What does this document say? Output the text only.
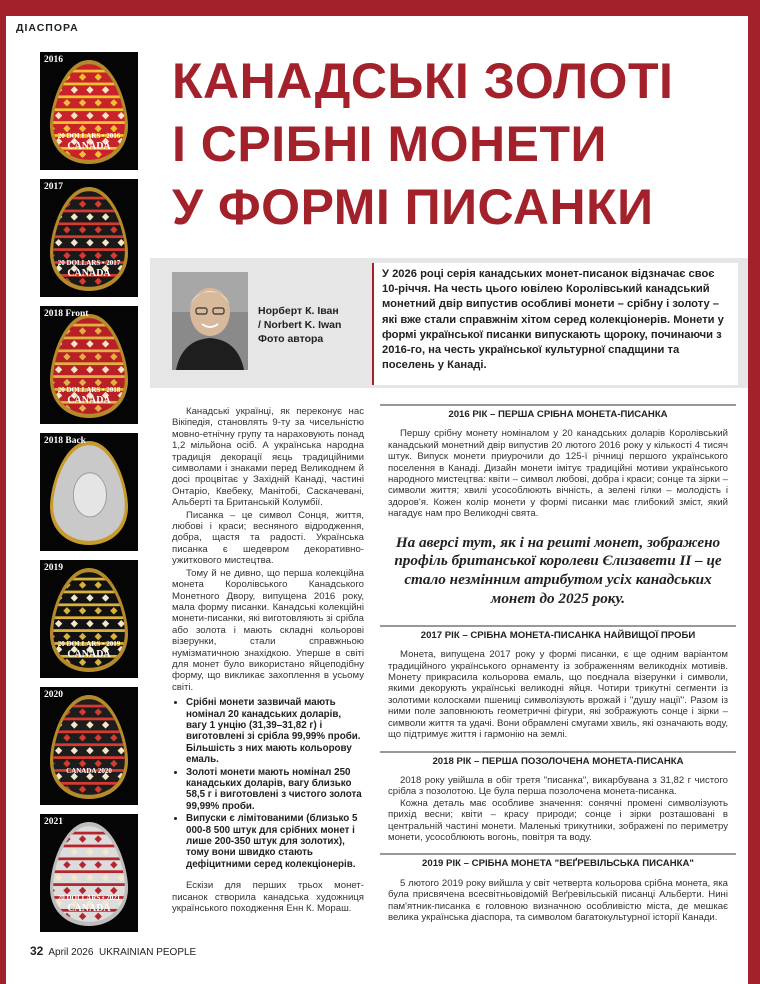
ДІАСПОРА
КАНАДСЬКІ ЗОЛОТІ
І СРІБНІ МОНЕТИ
У ФОРМІ ПИСАНКИ
2016
20 DOLLARS • 2016
CANADA
2017
20 DOLLARS • 2017
CANADA
2018 Front
20 DOLLARS • 2018
CANADA
2018 Back
2019
20 DOLLARS • 2019
CANADA
2020
CANADA 2020
2021
20 DOLLARS • 2021
CANADA
Норберт К. Іван
/ Norbert K. Iwan
Фото автора
У 2026 році серія канадських монет-писанок відзначає своє 10-річчя. На честь цього ювілею Королівський канадський монетний двір випустив особливі монети – срібну і золоту – які вже стали справжнім хітом серед колекціонерів. Монети у формі української писанки випускають щороку, починаючи з 2016-го, на честь української культурної спадщини та поселень у Канаді.

Канадські українці, як переконує нас Вікіпедія, становлять 9-ту за чисельністю мовно-етнічну групу та нараховують понад 1,2 мільйона осіб. А українська народна традиція декорації яєць традиційними символами і знаками перед Великоднем й досі процвітає у Західній Канаді, частині Онтаріо, Квебеку, Манітобі, Саскачевані, Альберті та Британській Колумбії.

Писанка – це символ Сонця, життя, любові і краси; весняного відродження, добра, щастя та радості. Українська писанка є шедевром декоративно-ужиткового мистецтва.

Тому й не дивно, що перша колекційна монета Королівського Канадського Монетного Двору, випущена 2016 року, мала форму писанки. Канадські колекційні монети-писанки, які виготовляють зі срібла або золота і мають складні кольорові візерунки, стали справжньою нумізматичною знахідкою. Уперше в світі для монет було використано яйцеподібну форму, що викликає захоплення в усьому світі.

• Срібні монети зазвичай мають номінал 20 канадських доларів, вагу 1 унцію (31,39–31,82 г) і виготовлені зі срібла 99,99% проби. Більшість з них мають кольорову емаль.
• Золоті монети мають номінал 250 канадських доларів, вагу близько 58,5 г і виготовлені з чистого золота 99,99% проби.
• Випуски є лімітованими (близько 5 000-8 500 штук для срібних монет і лише 200-350 штук для золотих), тому вони швидко стають дефіцитними серед колекціонерів.

Ескізи для перших трьох монет-писанок створила канадська художниця українського походження Енн К. Мораш.

2016 РІК – ПЕРША СРІБНА МОНЕТА-ПИСАНКА

Першу срібну монету номіналом у 20 канадських доларів Королівський канадський монетний двір випустив 20 лютого 2016 року у кількості 4 тисяч штук. Випуск монети приурочили до 125-ї річниці першого українського поселення в Канаді. Дизайн монети імітує традиційні мотиви українського народного мистецтва: квіти – символ любові, добра і краси; сонце та зірки – символи життя; хвилі усособлюють вічність, а зелені гілки – молодість і здоров'я. Кожен колір монети у формі писанки має глибокий зміст, який нагадує нам про Великодні свята.

На аверсі тут, як і на решті монет, зображено профіль британської королеви Єлизавети II – це стало незмінним атрибутом усіх канадських монет до 2025 року.
2017 РІК – СРІБНА МОНЕТА-ПИСАНКА НАЙВИЩОЇ ПРОБИ

Монета, випущена 2017 року у формі писанки, є ще одним варіантом традиційного українського орнаменту із зображенням великодніх мотивів. Монету прикрасила кольорова емаль, що поєднала візерунки і символи, якими декорують українські великодні яйця. Чотири трикутні сегменти із золотими колосками пшениці символізують врожай і "душу нації". Разом із ними поле заповнюють геометричні фігури, які зображують сонце і зірки – символи життя та удачі. Вони обрамлені смугами хвиль, які означають воду, що підтримує життя і гармонію на землі.

2018 РІК – ПЕРША ПОЗОЛОЧЕНА МОНЕТА-ПИСАНКА

2018 року увійшла в обіг третя "писанка", викарбувана з 31,82 г чистого срібла з позолотою. Це була перша позолочена монета-писанка.

Кожна деталь має особливе значення: сонячні промені символізують прихід весни; квіти – красу природи; сонце і зірки розташовані в центральній частині монети. Маленькі трикутники, зображені по периметру монети, усособлюють вогонь, повітря та воду.

2019 РІК – СРІБНА МОНЕТА "ВЕҐРЕВІЛЬСЬКА ПИСАНКА"

5 лютого 2019 року вийшла у світ четверта кольорова срібна монета, яка була присвячена всесвітньовідомій Веґревільській писанці Альберти. Нині пам'ятник-писанка є головною визначною особливістю міста, де мешкає велика українська діаспора, та символом багатокультурної історії Канади.

32 April 2026 UKRAINIAN PEOPLE
